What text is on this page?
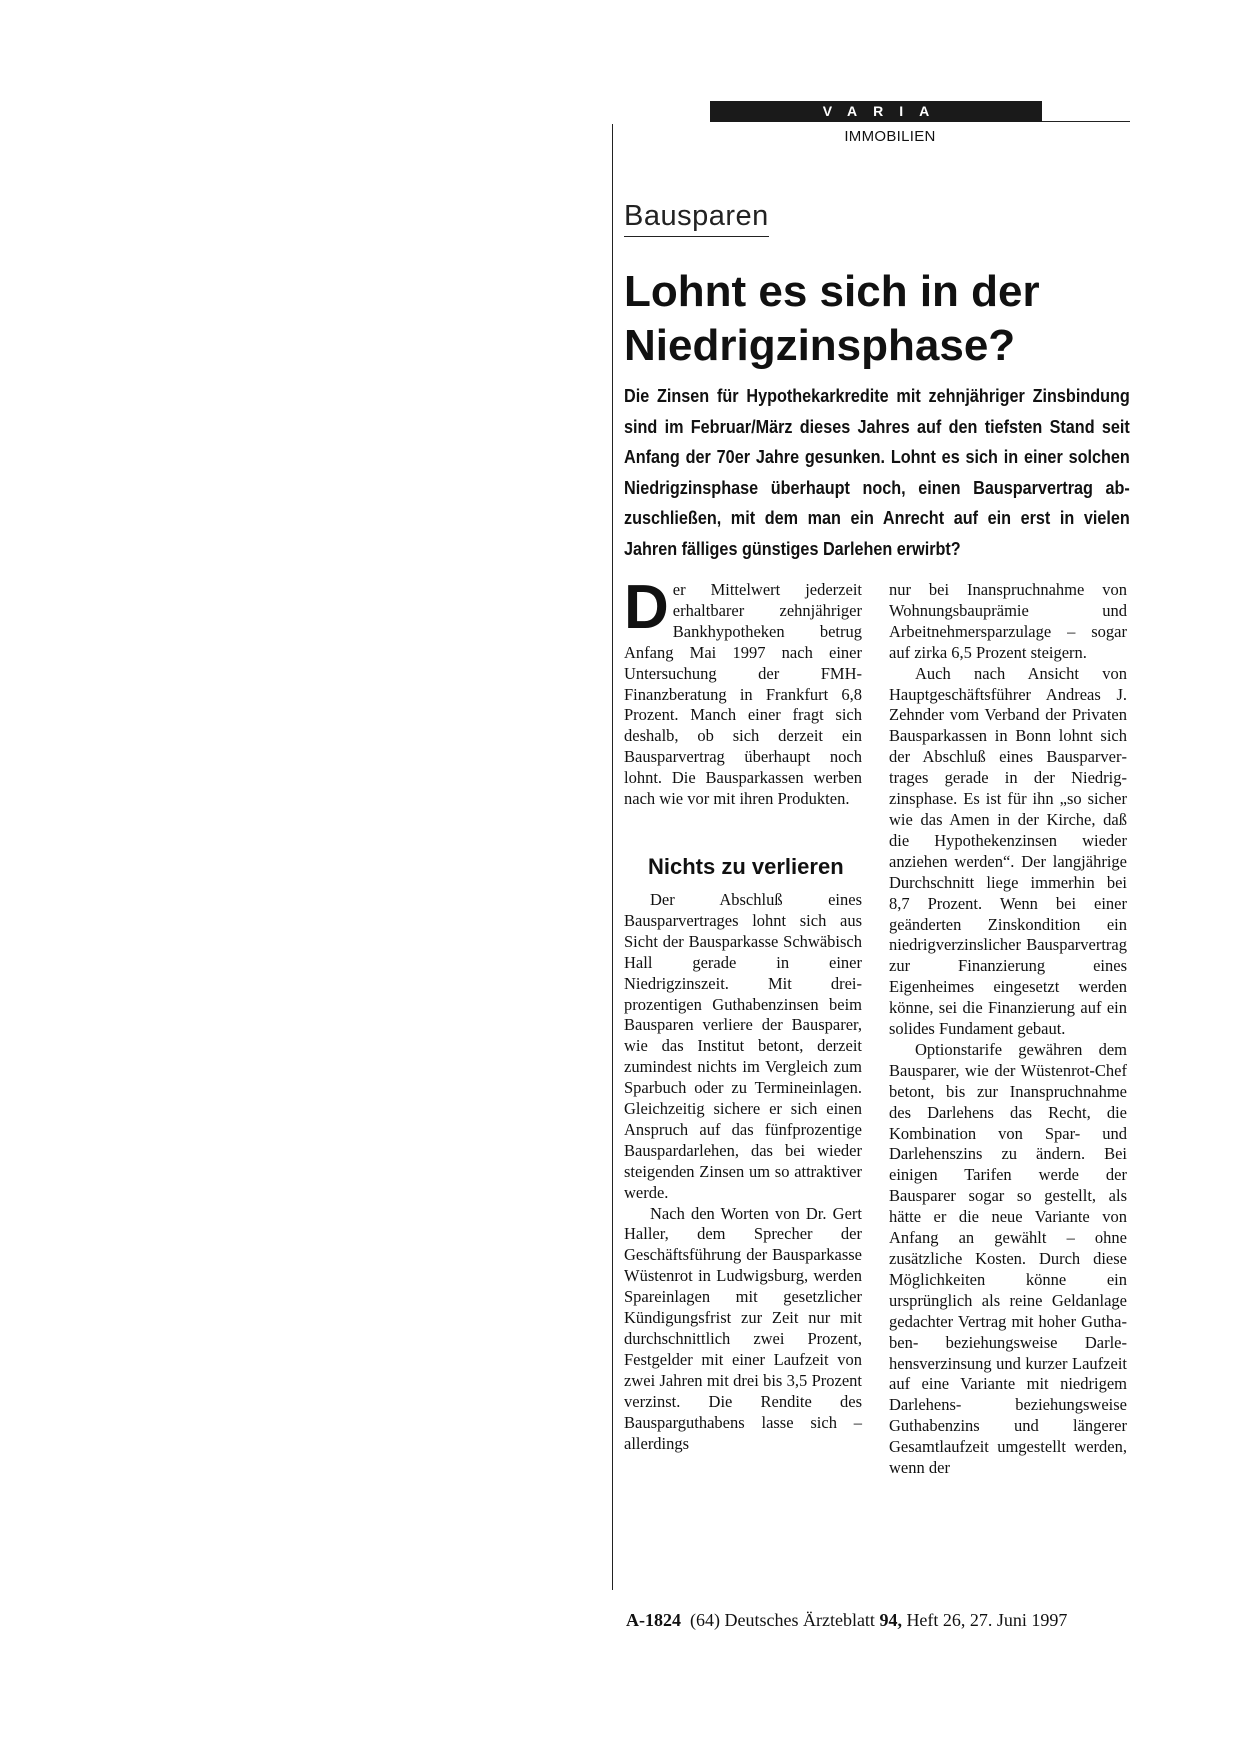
VARIA
IMMOBILIEN
Bausparen
Lohnt es sich in der Niedrigzinsphase?

Die Zinsen für Hypothekarkredite mit zehnjähriger Zinsbindung sind im Februar/März dieses Jahres auf den tiefsten Stand seit Anfang der 70er Jahre gesunken. Lohnt es sich in einer solchen Niedrigzinsphase überhaupt noch, einen Bausparvertrag abzuschließen, mit dem man ein Anrecht auf ein erst in vielen Jahren fälliges günstiges Darlehen erwirbt?

Der Mittelwert jederzeit erhaltbarer zehnjähriger Bankhypotheken betrug Anfang Mai 1997 nach einer Untersuchung der FMH-Finanzberatung in Frankfurt 6,8 Prozent. Manch einer fragt sich deshalb, ob sich derzeit ein Bausparvertrag überhaupt noch lohnt. Die Bausparkassen werben nach wie vor mit ihren Produkten.

Nichts zu verlieren

Der Abschluß eines Bausparvertrages lohnt sich aus Sicht der Bausparkasse Schwäbisch Hall gerade in einer Niedrigzinszeit. Mit dreiprozentigen Guthabenzinsen beim Bausparen verliere der Bausparer, wie das Institut betont, derzeit zumindest nichts im Vergleich zum Sparbuch oder zu Termineinlagen. Gleichzeitig sichere er sich einen Anspruch auf das fünfprozentige Bauspardarlehen, das bei wieder steigenden Zinsen um so attraktiver werde.

Nach den Worten von Dr. Gert Haller, dem Sprecher der Geschäftsführung der Bausparkasse Wüstenrot in Ludwigsburg, werden Spareinlagen mit gesetzlicher Kündigungsfrist zur Zeit nur mit durchschnittlich zwei Prozent, Festgelder mit einer Laufzeit von zwei Jahren mit drei bis 3,5 Prozent verzinst. Die Rendite des Bausparguthabens lasse sich – allerdings

nur bei Inanspruchnahme von Wohnungsbauprämie und Arbeitnehmersparzulage – sogar auf zirka 6,5 Prozent steigern.

Auch nach Ansicht von Hauptgeschäftsführer Andreas J. Zehnder vom Verband der Privaten Bausparkassen in Bonn lohnt sich der Abschluß eines Bausparvertrages gerade in der Niedrigzinsphase. Es ist für ihn „so sicher wie das Amen in der Kirche, daß die Hypothekenzinsen wieder anziehen werden“. Der langjährige Durchschnitt liege immerhin bei 8,7 Prozent. Wenn bei einer geänderten Zinskondition ein niedrigverzinslicher Bausparvertrag zur Finanzierung eines Eigenheimes eingesetzt werden könne, sei die Finanzierung auf ein solides Fundament gebaut.

Optionstarife gewähren dem Bausparer, wie der Wüstenrot-Chef betont, bis zur Inanspruchnahme des Darlehens das Recht, die Kombination von Spar- und Darlehenszins zu ändern. Bei einigen Tarifen werde der Bausparer sogar so gestellt, als hätte er die neue Variante von Anfang an gewählt – ohne zusätzliche Kosten. Durch diese Möglichkeiten könne ein ursprünglich als reine Geldanlage gedachter Vertrag mit hoher Guthaben- beziehungsweise Darlehensverzinsung und kurzer Laufzeit auf eine Variante mit niedrigem Darlehens- beziehungsweise Guthabenzins und längerer Gesamtlaufzeit umgestellt werden, wenn der

A-1824 (64) Deutsches Ärzteblatt 94, Heft 26, 27. Juni 1997
